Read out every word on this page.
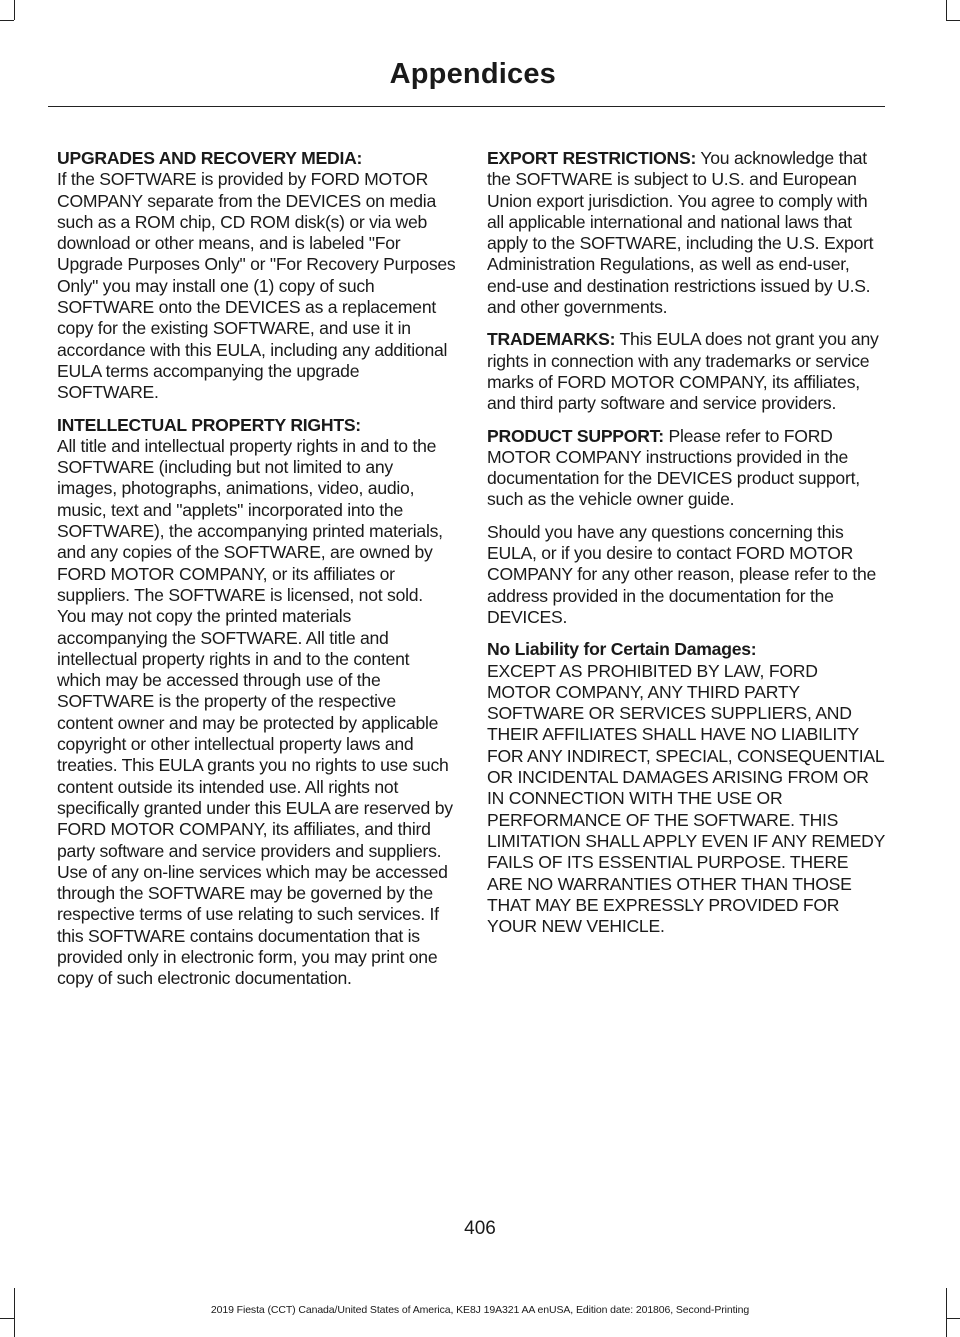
Appendices

UPGRADES AND RECOVERY MEDIA:
If the SOFTWARE is provided by FORD MOTOR COMPANY separate from the DEVICES on media such as a ROM chip, CD ROM disk(s) or via web download or other means, and is labeled "For Upgrade Purposes Only" or "For Recovery Purposes Only" you may install one (1) copy of such SOFTWARE onto the DEVICES as a replacement copy for the existing SOFTWARE, and use it in accordance with this EULA, including any additional EULA terms accompanying the upgrade SOFTWARE.

INTELLECTUAL PROPERTY RIGHTS:
All title and intellectual property rights in and to the SOFTWARE (including but not limited to any images, photographs, animations, video, audio, music, text and "applets" incorporated into the SOFTWARE), the accompanying printed materials, and any copies of the SOFTWARE, are owned by FORD MOTOR COMPANY, or its affiliates or suppliers. The SOFTWARE is licensed, not sold. You may not copy the printed materials accompanying the SOFTWARE. All title and intellectual property rights in and to the content which may be accessed through use of the SOFTWARE is the property of the respective content owner and may be protected by applicable copyright or other intellectual property laws and treaties. This EULA grants you no rights to use such content outside its intended use. All rights not specifically granted under this EULA are reserved by FORD MOTOR COMPANY, its affiliates, and third party software and service providers and suppliers. Use of any on-line services which may be accessed through the SOFTWARE may be governed by the respective terms of use relating to such services. If this SOFTWARE contains documentation that is provided only in electronic form, you may print one copy of such electronic documentation.

EXPORT RESTRICTIONS: You acknowledge that the SOFTWARE is subject to U.S. and European Union export jurisdiction. You agree to comply with all applicable international and national laws that apply to the SOFTWARE, including the U.S. Export Administration Regulations, as well as end-user, end-use and destination restrictions issued by U.S. and other governments.

TRADEMARKS: This EULA does not grant you any rights in connection with any trademarks or service marks of FORD MOTOR COMPANY, its affiliates, and third party software and service providers.

PRODUCT SUPPORT: Please refer to FORD MOTOR COMPANY instructions provided in the documentation for the DEVICES product support, such as the vehicle owner guide.

Should you have any questions concerning this EULA, or if you desire to contact FORD MOTOR COMPANY for any other reason, please refer to the address provided in the documentation for the DEVICES.

No Liability for Certain Damages:
EXCEPT AS PROHIBITED BY LAW, FORD MOTOR COMPANY, ANY THIRD PARTY SOFTWARE OR SERVICES SUPPLIERS, AND THEIR AFFILIATES SHALL HAVE NO LIABILITY FOR ANY INDIRECT, SPECIAL, CONSEQUENTIAL OR INCIDENTAL DAMAGES ARISING FROM OR IN CONNECTION WITH THE USE OR PERFORMANCE OF THE SOFTWARE. THIS LIMITATION SHALL APPLY EVEN IF ANY REMEDY FAILS OF ITS ESSENTIAL PURPOSE. THERE ARE NO WARRANTIES OTHER THAN THOSE THAT MAY BE EXPRESSLY PROVIDED FOR YOUR NEW VEHICLE.

406
2019 Fiesta (CCT) Canada/United States of America, KE8J 19A321 AA enUSA, Edition date: 201806, Second-Printing
